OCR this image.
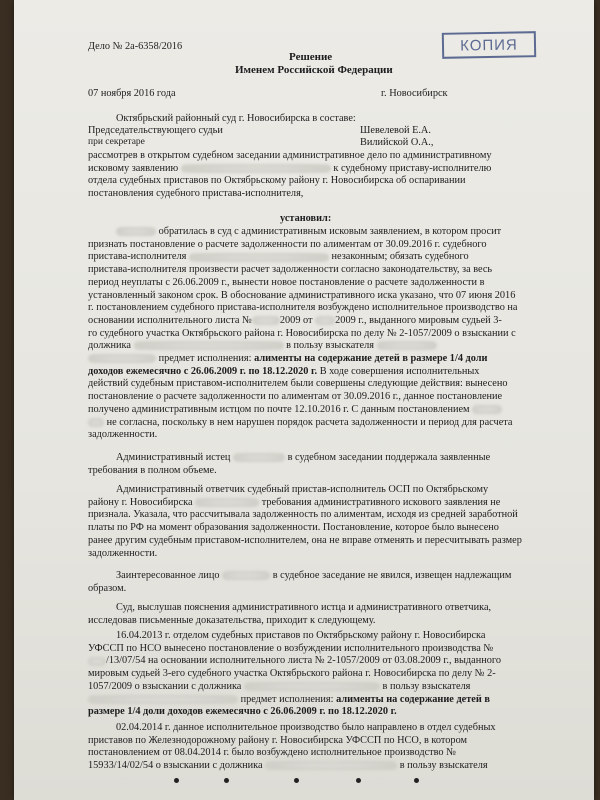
Дело № 2а-6358/2016	КОПИЯ
Решение
Именем Российской Федерации
07 ноября 2016 года	г. Новосибирск
Октябрьский районный суд г. Новосибирска в составе:
Председательствующего судьи	Шевелевой Е.А.
при секретаре	Вилийской О.А.,
рассмотрев в открытом судебном заседании административное дело по административному
исковому заявлению	к судебному приставу-исполнителю
отдела судебных приставов по Октябрьскому району г. Новосибирска об оспаривании
постановления судебного пристава-исполнителя,
установил:
обратилась в суд с административным исковым заявлением, в котором просит
признать постановление о расчете задолженности по алиментам от 30.09.2016 г. судебного
пристава-исполнителя	незаконным; обязать судебного
пристава-исполнителя произвести расчет задолженности согласно законодательству, за весь
период неуплаты с 26.06.2009 г., вынести новое постановление о расчете задолженности в
установленный законом срок. В обоснование административного иска указано, что 07 июня 2016
г. постановлением судебного пристава-исполнителя возбуждено исполнительное производство на
основании исполнительного листа №	2009 от 2009 г., выданного мировым судьей 3-
го судебного участка Октябрьского района г. Новосибирска по делу № 2-1057/2009 о взыскании с
должника	в пользу взыскателя
предмет исполнения: алименты на содержание детей в размере 1/4 доли
доходов ежемесячно с 26.06.2009 г. по 18.12.2020 г. В ходе совершения исполнительных
действий судебным приставом-исполнителем были совершены следующие действия: вынесено
постановление о расчете задолженности по алиментам от 30.09.2016 г., данное постановление
получено административным истцом по почте 12.10.2016 г. С данным постановлением
не согласна, поскольку в нем нарушен порядок расчета задолженности и период для расчета
задолженности.
Административный истец	в судебном заседании поддержала заявленные
требования в полном объеме.
Административный ответчик судебный пристав-исполнитель ОСП по Октябрьскому
району г. Новосибирска	требования административного искового заявления не
признала. Указала, что рассчитывала задолженность по алиментам, исходя из средней заработной
платы по РФ на момент образования задолженности. Постановление, которое было вынесено
ранее другим судебным приставом-исполнителем, она не вправе отменять и пересчитывать размер
задолженности.
Заинтересованное лицо	в судебное заседание не явился, извещен надлежащим
образом.
Суд, выслушав пояснения административного истца и административного ответчика,
исследовав письменные доказательства, приходит к следующему.
16.04.2013 г. отделом судебных приставов по Октябрьскому району г. Новосибирска
УФССП по НСО вынесено постановление о возбуждении исполнительного производства №
/13/07/54 на основании исполнительного листа № 2-1057/2009 от 03.08.2009 г., выданного
мировым судьей 3-его судебного участка Октябрьского района г. Новосибирска по делу № 2-
1057/2009 о взыскании с должника	в пользу взыскателя
предмет исполнения: алименты на содержание детей в
размере 1/4 доли доходов ежемесячно с 26.06.2009 г. по 18.12.2020 г.
02.04.2014 г. данное исполнительное производство было направлено в отдел судебных
приставов по Железнодорожному району г. Новосибирска УФССП по НСО, в котором
постановлением от 08.04.2014 г. было возбуждено исполнительное производство №
15933/14/02/54 о взыскании с должника	в пользу взыскателя
